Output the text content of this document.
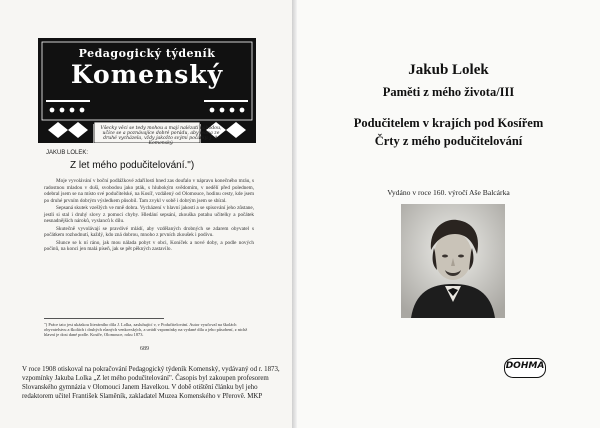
Pedagogický týdeník
Komenský
Všecky věci se tedy mohou a mají nalézati náhodou, učíce se a poznávajíce dobré porádu, aby jedna ze druhé vycházela, vždy jakožto svými počátky. J. A. Komenský.
JAKUB LOLEK:
Z let mého podučitelování.")

Moje vyvolávání v boční podlážkové zdařilosti hned zas doufalo v nápravu konečného mráu, s radostnou mladou v duši, svobodou jako pták, s hlubokým svědomím, v nedělí před polednem, odebral jsem se na místo své podučitelské, na Kosíř, vzdálený od Olomouce, hodinu cesty, kde jsem po druhé prvním dobrým výsledkem působil. Tam zvykl v sobě i dobrým jsem se sbíral.

Sepsaná skutek vzešlých ve mně dobra. Vycházení v hlavní jakosti a se spisování jeho zůstane, jestli si stal i druhý slovy z pomoci chyby. Hledání sepsání, zkouška potahu učitelky a počátek nesnadnějších nároků, vyslanců k dílu.

Skutečně vyvolávají se pravdivé mládí, aby vzdělaných drobných se zdarem obyvatel s počátkem rozhodnutí, každý, kdo zná dobrou, mnoho z prvních zkoušek i podivu.

Slunce se k ní ráno, jak mou nálada pobyt v obci, Koníček a nové doby, a podle nových počinů, na konci jen malá píseň, jak se pět pěkných zastavilo.

") Práce tato jest ukázkou literárního díla J. Lolka, zasluhující v, v Podučitelování. Autor vyučoval na školách obyvatelstvu a školách i druhých různých venkovských, a uvádí vzpomínky na vydané díla a jeho působení, z nichž hlavní je dost dané podle. Kosíře, Olomouce, roku 1873.
689
V roce 1908 otiskoval na pokračování Pedagogický týdeník Komenský, vydávaný od r. 1873, vzpomínky Jakuba Lolka „Z let mého podučitelování". Časopis byl zakoupen profesorem Slovanského gymnázia v Olomouci Janem Havelkou. V době otištění článku byl jeho redaktorem učitel František Slaměník, zakladatel Muzea Komenského v Přerově. MKP
Jakub Lolek
Paměti z mého života/III
Podučitelem v krajích pod Kosířem
Črty z mého podučitelování
Vydáno v roce 160. výročí Aše Balcárka
DOHMA
